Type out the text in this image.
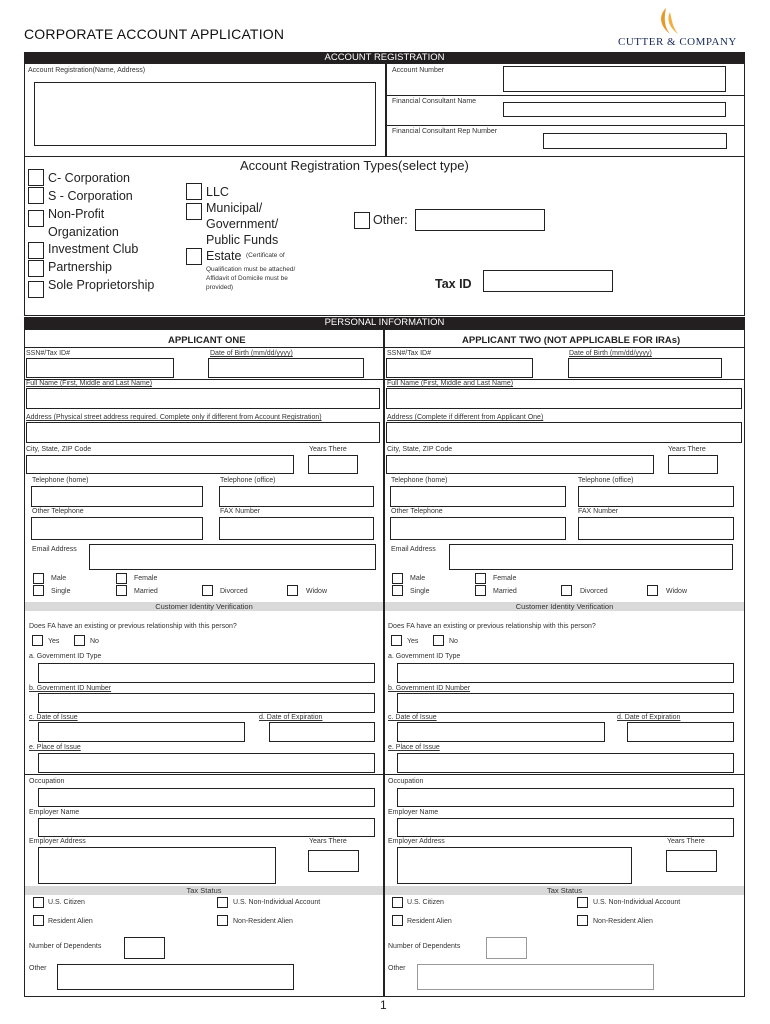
CORPORATE ACCOUNT APPLICATION	CUTTER & COMPANY
ACCOUNT REGISTRATION
Account Registration(Name, Address)	Account Number
Financial Consultant Name
Financial Consultant Rep Number
Account Registration Types(select type)
C- Corporation
S - Corporation
Non-Profit
Organization
Investment Club
Partnership
Sole Proprietorship
LLC
Municipal/
Government/
Public Funds
Estate (Certificate of
Qualification must be attached/
Affidavit of Domicile must be
provided)
Other:
Tax ID
PERSONAL INFORMATION
APPLICANT ONE	APPLICANT TWO (NOT APPLICABLE FOR IRAs)
SSN#/Tax ID#	Date of Birth (mm/dd/yyyy)
Full Name (First, Middle and Last Name)
Address (Physical street address required. Complete only if different from Account Registration)
City, State, ZIP Code	Years There
Telephone (home)	Telephone (office)
Other Telephone	FAX Number
Email Address
Male	Female
Single	Married	Divorced	Widow
Customer Identity Verification
Does FA have an existing or previous relationship with this person?
Yes	No
a. Government ID Type
b. Government ID Number
c. Date of Issue	d. Date of Expiration
e. Place of Issue
Occupation
Employer Name
Employer Address	Years There
Tax Status
U.S. Citizen	U.S. Non-Individual Account
Resident Alien	Non-Resident Alien
Number of Dependents
Other
SSN#/Tax ID#	Date of Birth (mm/dd/yyyy)
Full Name (First, Middle and Last Name)
Address (Complete if different from Applicant One)
City, State, ZIP Code	Years There
Telephone (home)	Telephone (office)
Other Telephone	FAX Number
Email Address
Male	Female
Single	Married	Divorced	Widow
Customer Identity Verification
Does FA have an existing or previous relationship with this person?
Yes	No
a. Government ID Type
b. Government ID Number
c. Date of Issue	d. Date of Expiration
e. Place of Issue
Occupation
Employer Name
Employer Address	Years There
Tax Status
U.S. Citizen	U.S. Non-Individual Account
Resident Alien	Non-Resident Alien
Number of Dependents
Other
1
